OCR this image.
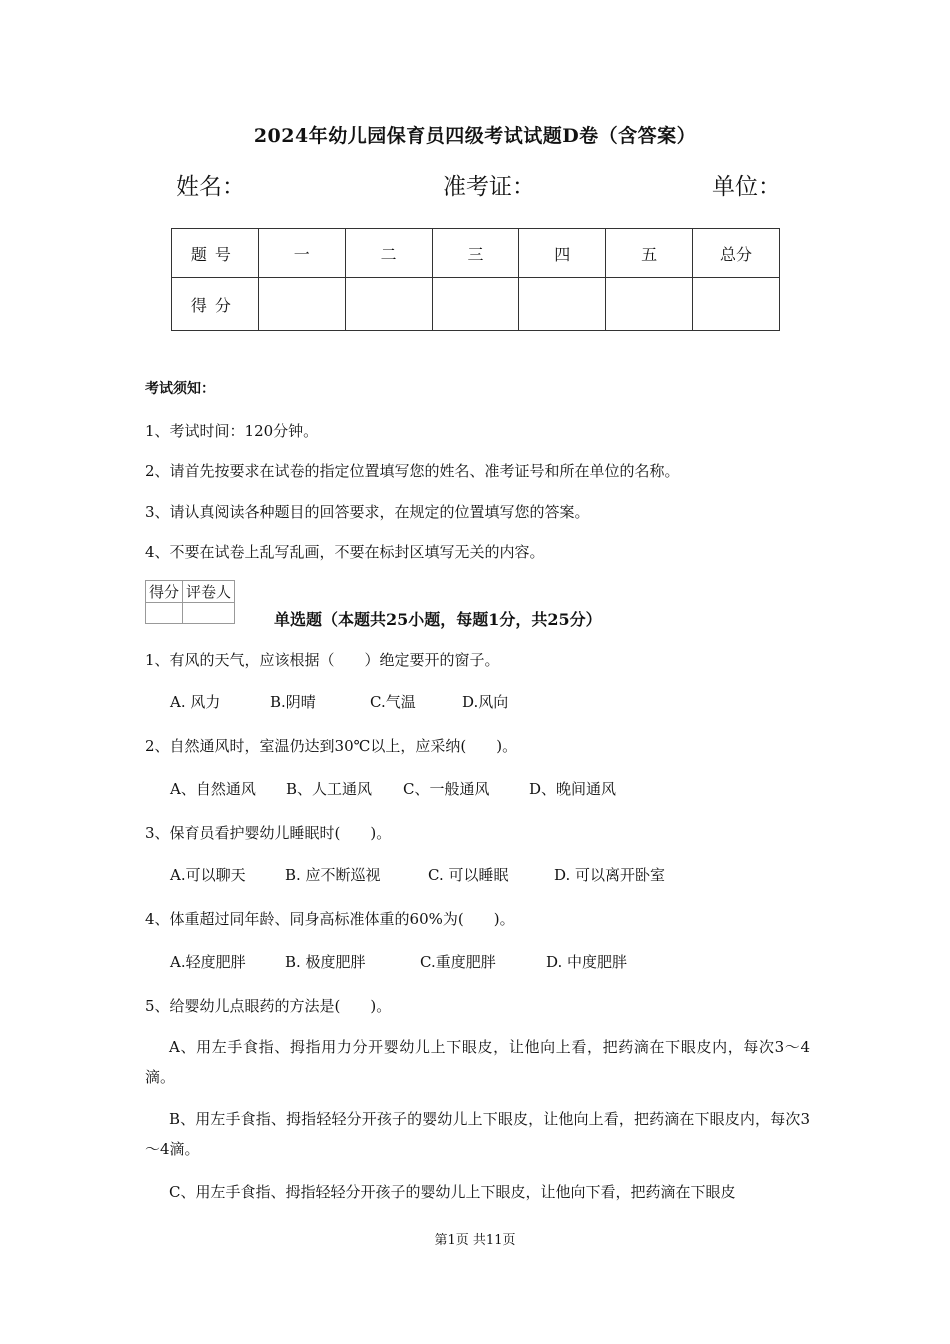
2024年幼儿园保育员四级考试试题D卷（含答案）
姓名：	准考证：	单位：
题号	一	二	三	四	五	总分
得分						
考试须知：
1、考试时间：120分钟。
2、请首先按要求在试卷的指定位置填写您的姓名、准考证号和所在单位的名称。
3、请认真阅读各种题目的回答要求，在规定的位置填写您的答案。
4、不要在试卷上乱写乱画，不要在标封区填写无关的内容。
得分	评卷人

单选题（本题共25小题，每题1分，共25分）
1、有风的天气，应该根据（　　）绝定要开的窗子。
A. 风力	B.阴晴	C.气温	D.风向
2、自然通风时，室温仍达到30℃以上，应采纳(　　)。
A、自然通风 B、人工通风 C、一般通风	D、晚间通风
3、保育员看护婴幼儿睡眠时(　　)。
A.可以聊天	B. 应不断巡视	C. 可以睡眠	D. 可以离开卧室
4、体重超过同年龄、同身高标准体重的60%为(　　)。
A.轻度肥胖	B. 极度肥胖	C.重度肥胖	D. 中度肥胖
5、给婴幼儿点眼药的方法是(　　)。
A、用左手食指、拇指用力分开婴幼儿上下眼皮，让他向上看，把药滴在下眼皮内，每次3～4滴。
B、用左手食指、拇指轻轻分开孩子的婴幼儿上下眼皮，让他向上看，把药滴在下眼皮内，每次3～4滴。
C、用左手食指、拇指轻轻分开孩子的婴幼儿上下眼皮，让他向下看，把药滴在下眼皮
第1页 共11页
